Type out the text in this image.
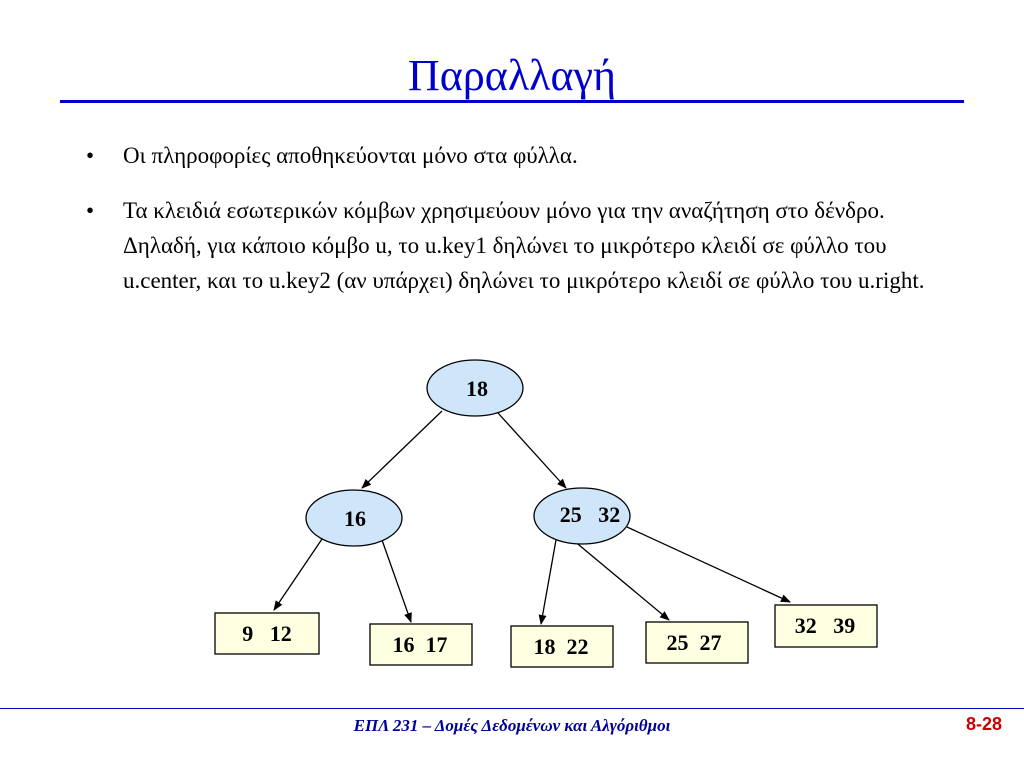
Παραλλαγή
• Οι πληροφορίες αποθηκεύονται μόνο στα φύλλα.
• Τα κλειδιά εσωτερικών κόμβων χρησιμεύουν μόνο για την αναζήτηση στο δένδρο. Δηλαδή, για κάποιο κόμβο u, το u.key1 δηλώνει το μικρότερο κλειδί σε φύλλο του u.center, και το u.key2 (αν υπάρχει) δηλώνει το μικρότερο κλειδί σε φύλλο του u.right.
18
16	25   32
9   12	16  17	18  22	25  27
32   39
ΕΠΛ 231 – Δομές Δεδομένων και Αλγόριθμοι	8-28
